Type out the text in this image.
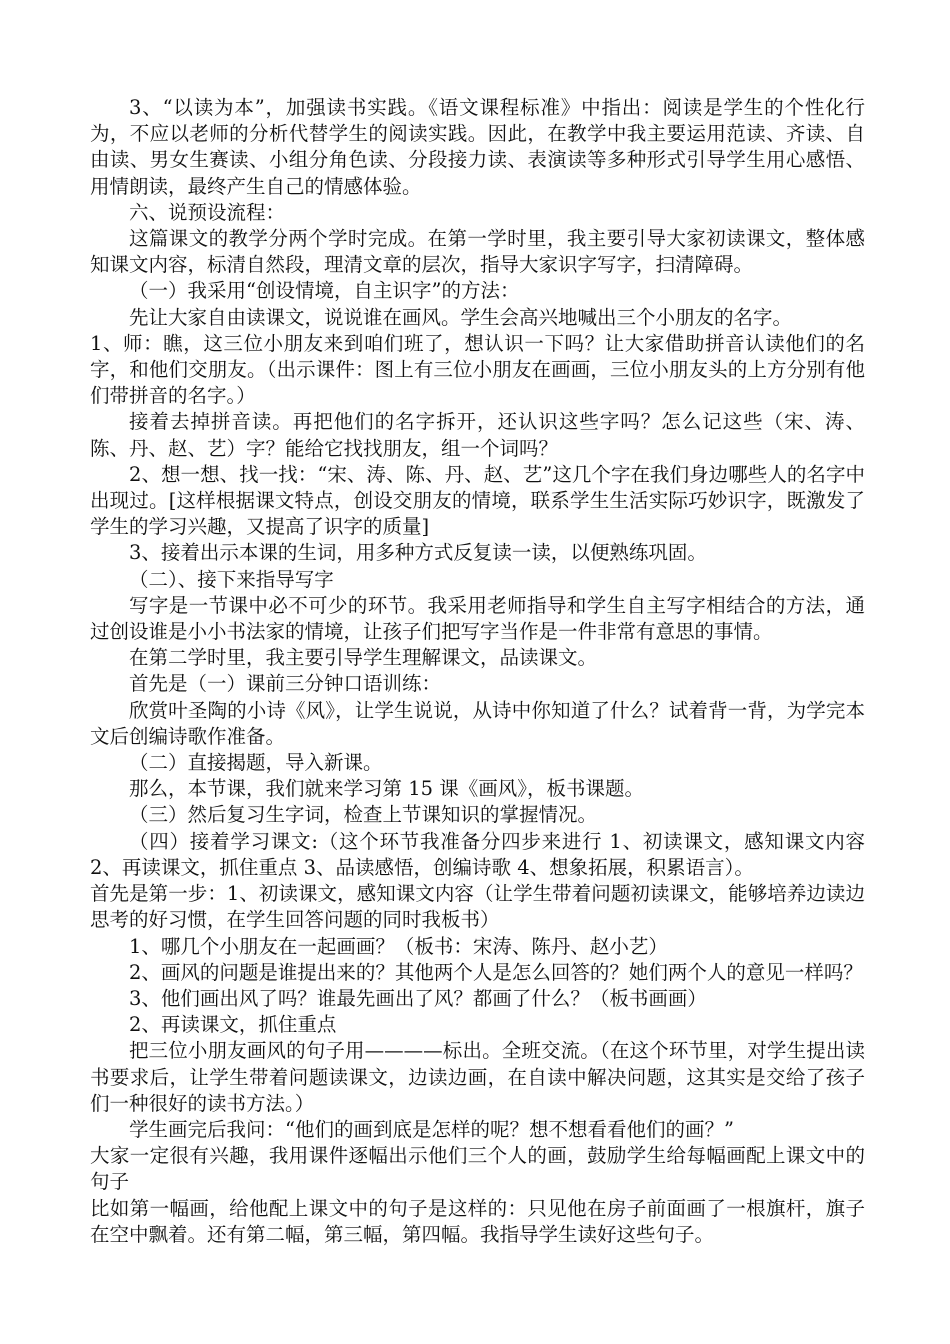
3、“以读为本”，加强读书实践。《语文课程标准》中指出：阅读是学生的个性化行为，不应以老师的分析代替学生的阅读实践。因此，在教学中我主要运用范读、齐读、自由读、男女生赛读、小组分角色读、分段接力读、表演读等多种形式引导学生用心感悟、用情朗读，最终产生自己的情感体验。

六、说预设流程：

这篇课文的教学分两个学时完成。在第一学时里，我主要引导大家初读课文，整体感知课文内容，标清自然段，理清文章的层次，指导大家识字写字，扫清障碍。

（一）我采用“创设情境，自主识字”的方法：

先让大家自由读课文，说说谁在画风。学生会高兴地喊出三个小朋友的名字。

1、师：瞧，这三位小朋友来到咱们班了，想认识一下吗？让大家借助拼音认读他们的名字，和他们交朋友。（出示课件：图上有三位小朋友在画画，三位小朋友头的上方分别有他们带拼音的名字。）

接着去掉拼音读。再把他们的名字拆开，还认识这些字吗？怎么记这些（宋、涛、陈、丹、赵、艺）字？能给它找找朋友，组一个词吗？

2、想一想、找一找：“宋、涛、陈、丹、赵、艺”这几个字在我们身边哪些人的名字中出现过。[这样根据课文特点，创设交朋友的情境，联系学生生活实际巧妙识字，既激发了学生的学习兴趣，又提高了识字的质量]

3、接着出示本课的生词，用多种方式反复读一读，以便熟练巩固。

（二）、接下来指导写字

写字是一节课中必不可少的环节。我采用老师指导和学生自主写字相结合的方法，通过创设谁是小小书法家的情境，让孩子们把写字当作是一件非常有意思的事情。

在第二学时里，我主要引导学生理解课文，品读课文。

首先是（一）课前三分钟口语训练：

欣赏叶圣陶的小诗《风》，让学生说说，从诗中你知道了什么？试着背一背，为学完本文后创编诗歌作准备。

（二）直接揭题，导入新课。

那么，本节课，我们就来学习第 15 课《画风》，板书课题。

（三）然后复习生字词，检查上节课知识的掌握情况。

（四）接着学习课文:（这个环节我准备分四步来进行 1、初读课文，感知课文内容 2、再读课文，抓住重点 3、品读感悟，创编诗歌 4、想象拓展，积累语言）。

首先是第一步：1、初读课文，感知课文内容（让学生带着问题初读课文，能够培养边读边思考的好习惯，在学生回答问题的同时我板书）

1、哪几个小朋友在一起画画？（板书：宋涛、陈丹、赵小艺）

2、画风的问题是谁提出来的？其他两个人是怎么回答的？她们两个人的意见一样吗？

3、他们画出风了吗？谁最先画出了风？都画了什么？（板书画画）

2、再读课文，抓住重点

把三位小朋友画风的句子用————标出。全班交流。（在这个环节里，对学生提出读书要求后，让学生带着问题读课文，边读边画，在自读中解决问题，这其实是交给了孩子们一种很好的读书方法。）

学生画完后我问：“他们的画到底是怎样的呢？想不想看看他们的画？”

大家一定很有兴趣，我用课件逐幅出示他们三个人的画，鼓励学生给每幅画配上课文中的句子

比如第一幅画，给他配上课文中的句子是这样的：只见他在房子前面画了一根旗杆，旗子在空中飘着。还有第二幅，第三幅，第四幅。我指导学生读好这些句子。
